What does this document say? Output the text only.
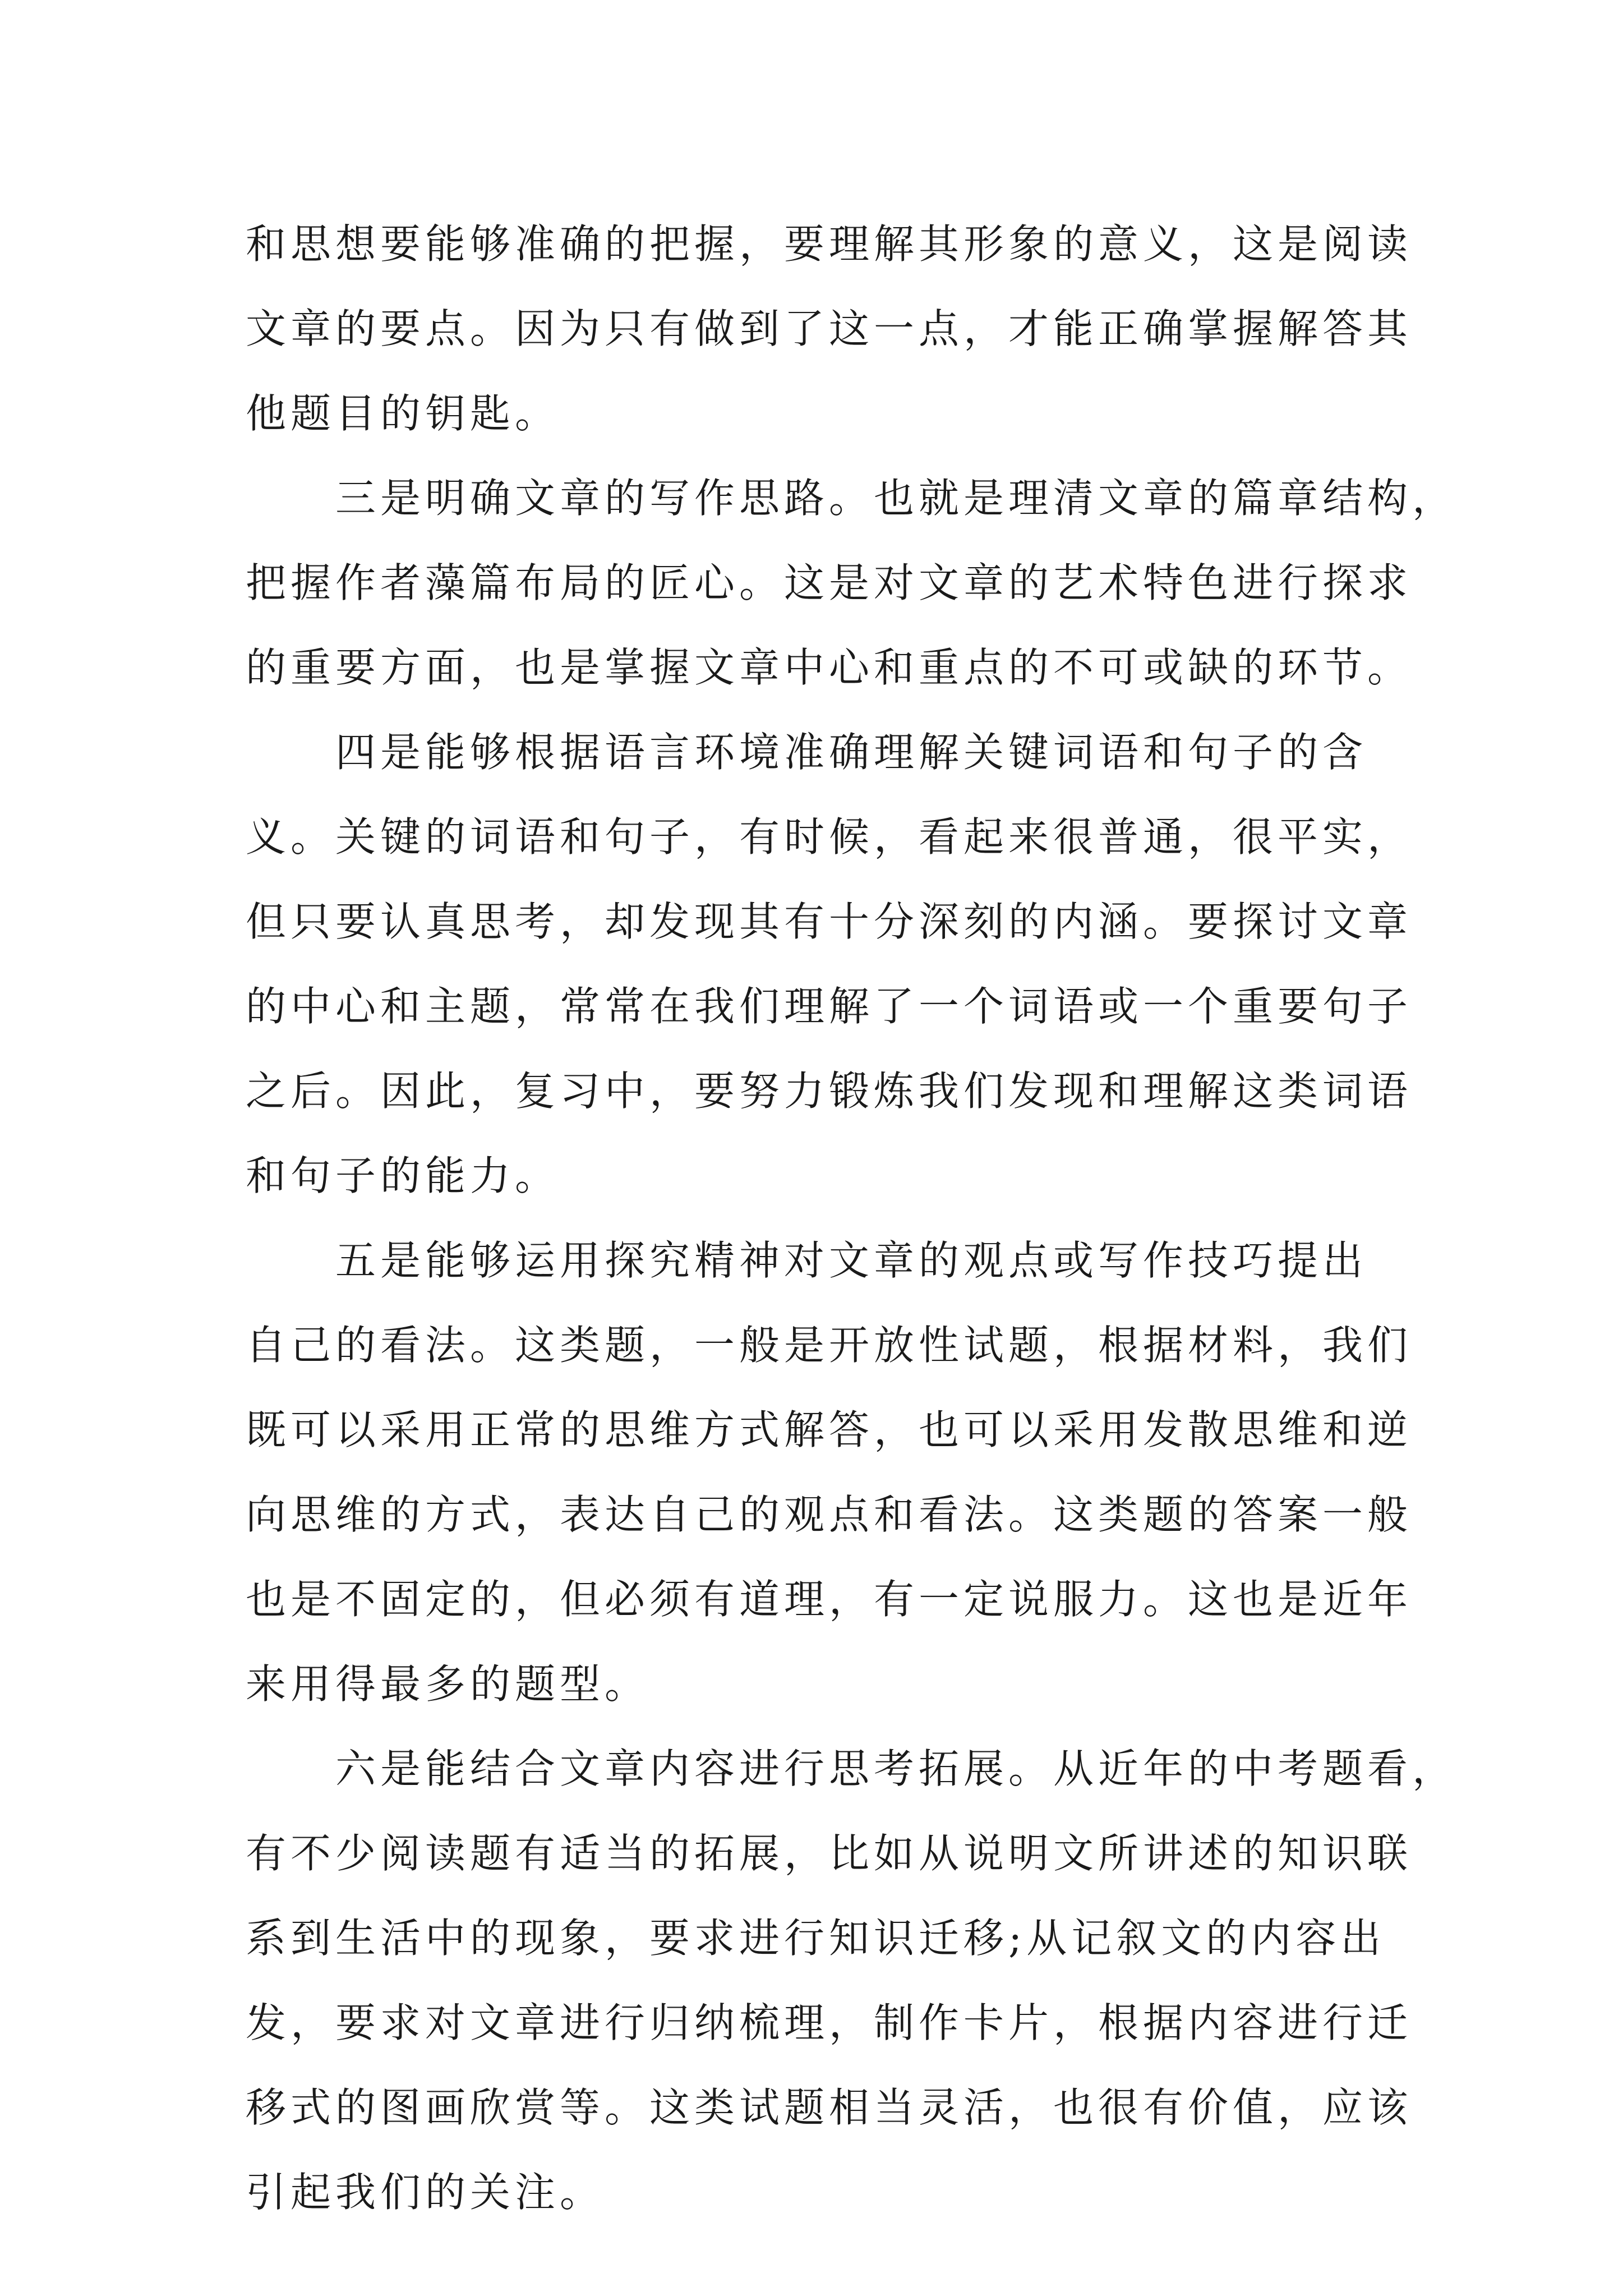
和思想要能够准确的把握，要理解其形象的意义，这是阅读
文章的要点。因为只有做到了这一点，才能正确掌握解答其
他题目的钥匙。
三是明确文章的写作思路。也就是理清文章的篇章结构，
把握作者藻篇布局的匠心。这是对文章的艺术特色进行探求
的重要方面，也是掌握文章中心和重点的不可或缺的环节。
四是能够根据语言环境准确理解关键词语和句子的含
义。关键的词语和句子，有时候，看起来很普通，很平实，
但只要认真思考，却发现其有十分深刻的内涵。要探讨文章
的中心和主题，常常在我们理解了一个词语或一个重要句子
之后。因此，复习中，要努力锻炼我们发现和理解这类词语
和句子的能力。
五是能够运用探究精神对文章的观点或写作技巧提出
自己的看法。这类题，一般是开放性试题，根据材料，我们
既可以采用正常的思维方式解答，也可以采用发散思维和逆
向思维的方式，表达自己的观点和看法。这类题的答案一般
也是不固定的，但必须有道理，有一定说服力。这也是近年
来用得最多的题型。
六是能结合文章内容进行思考拓展。从近年的中考题看，
有不少阅读题有适当的拓展，比如从说明文所讲述的知识联
系到生活中的现象，要求进行知识迁移;从记叙文的内容出
发，要求对文章进行归纳梳理，制作卡片，根据内容进行迁
移式的图画欣赏等。这类试题相当灵活，也很有价值，应该
引起我们的关注。
